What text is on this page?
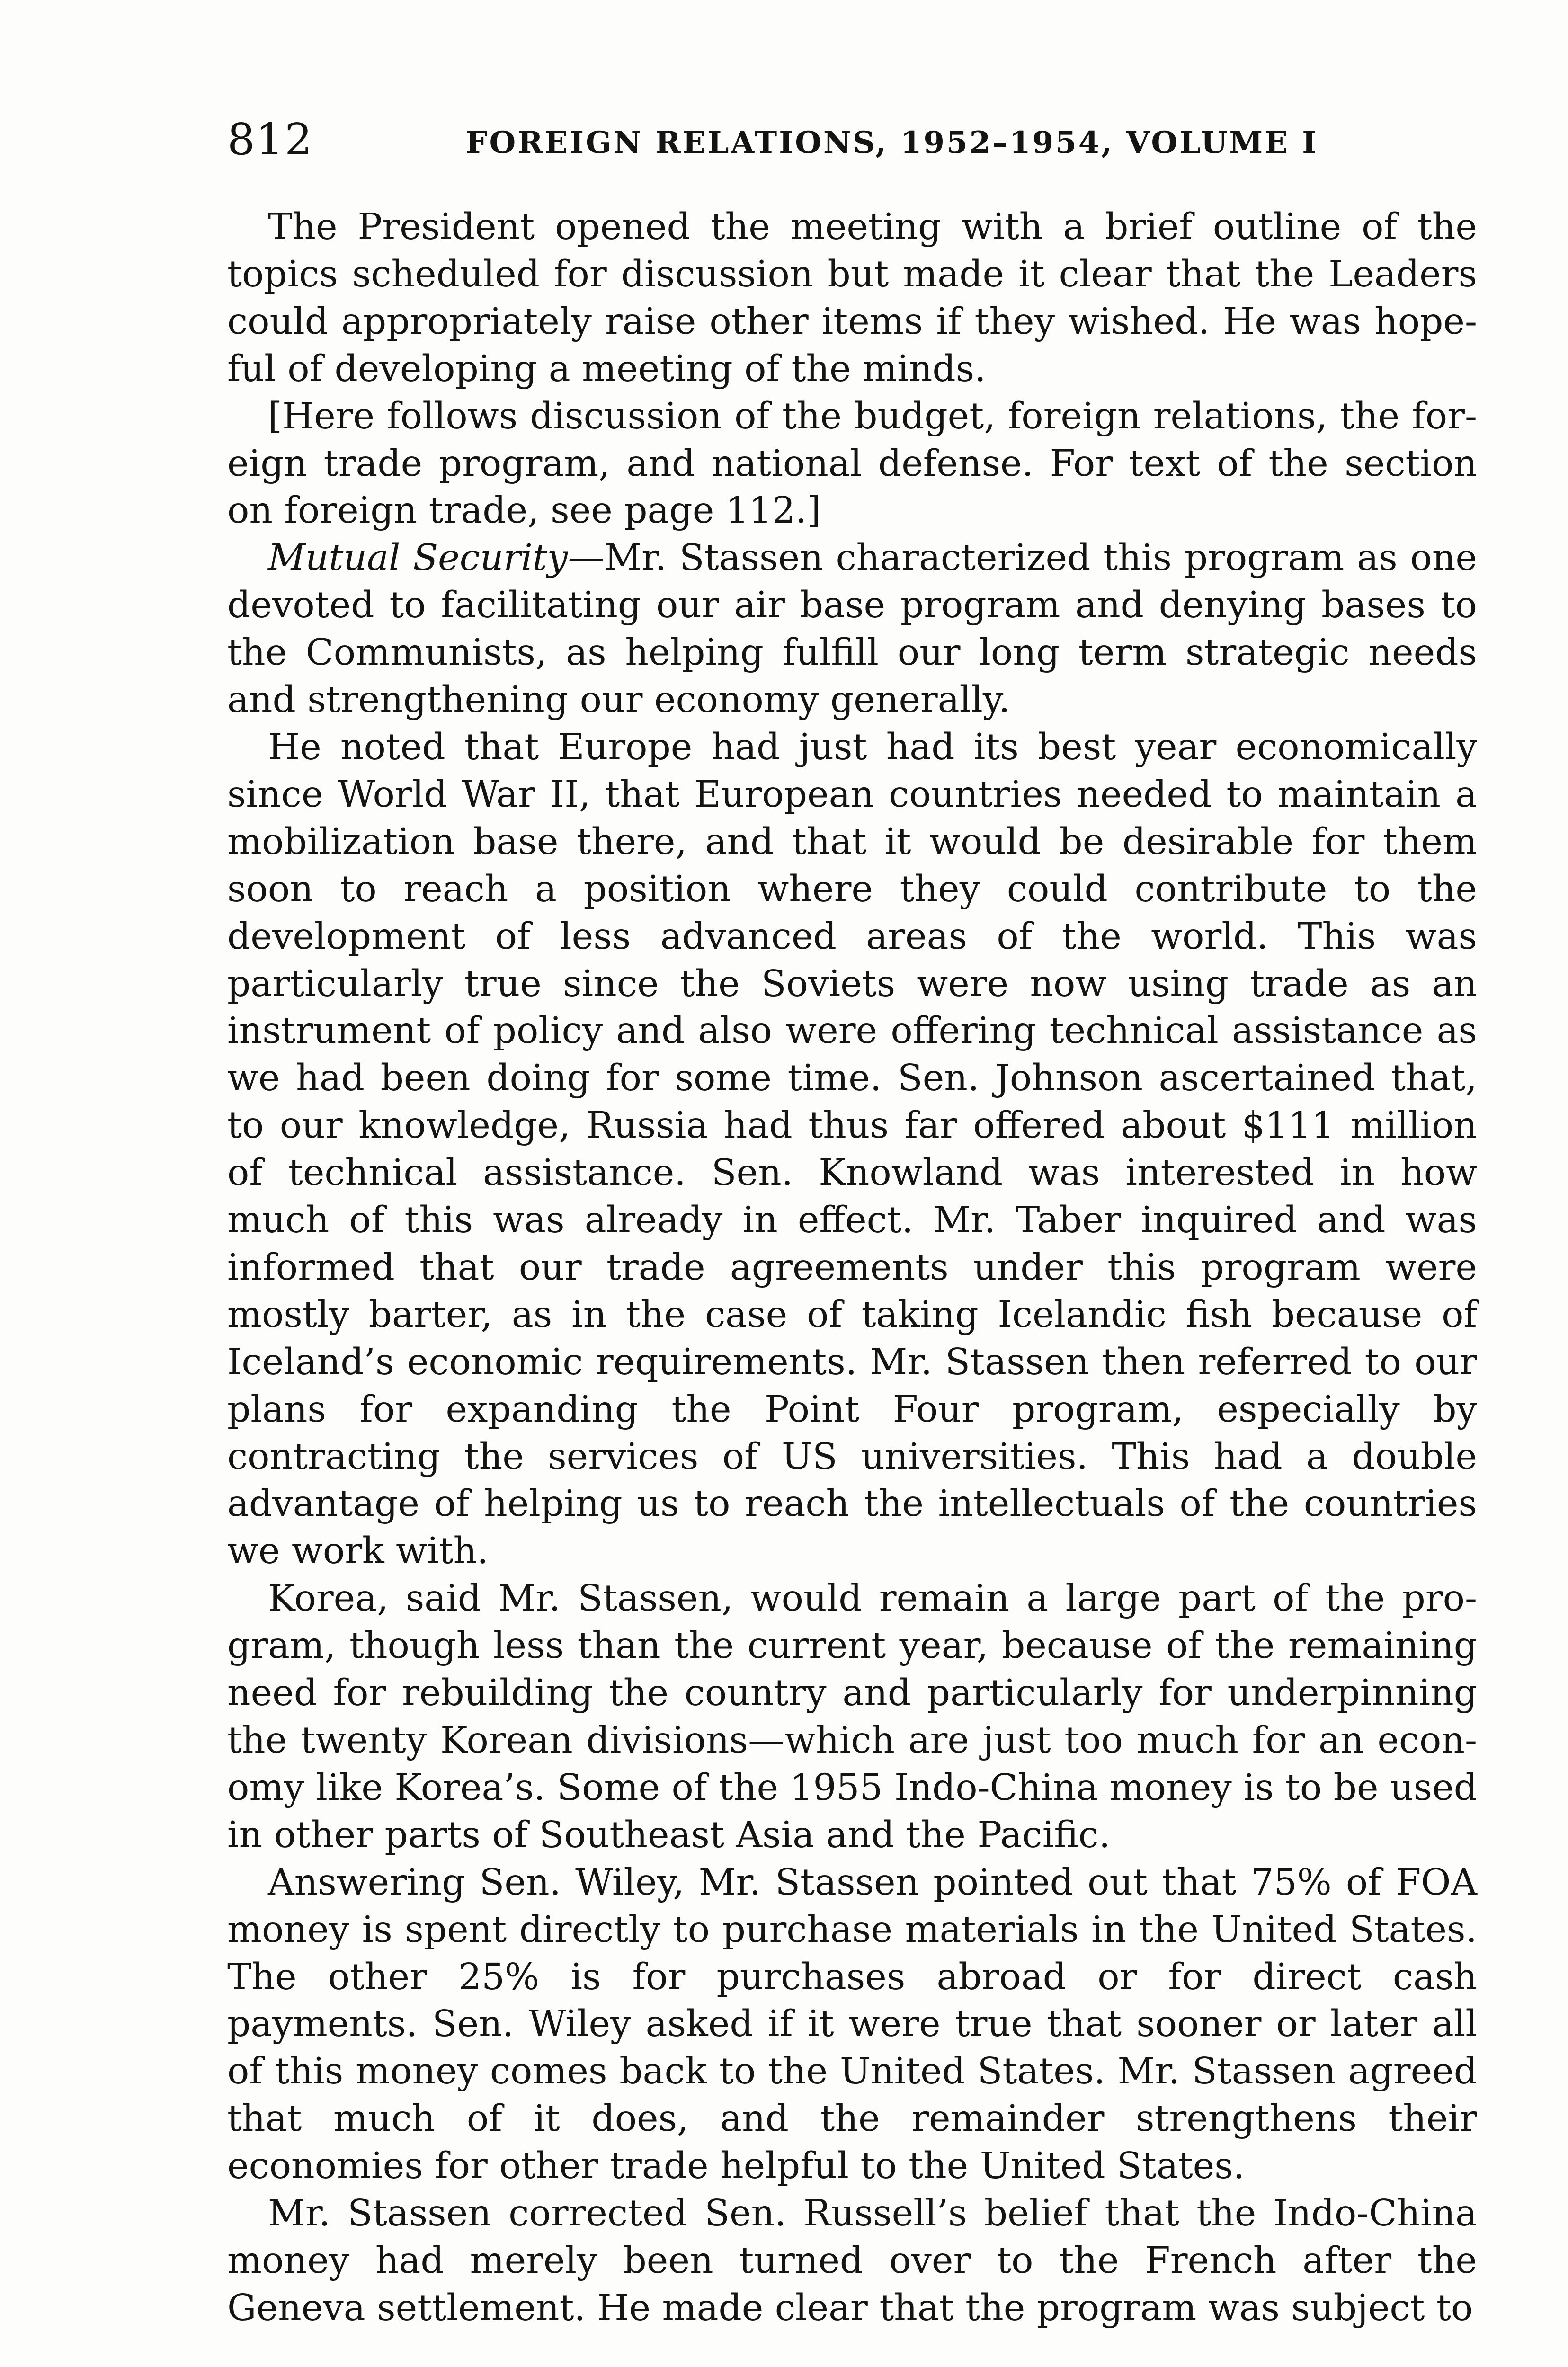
812	FOREIGN RELATIONS, 1952–1954, VOLUME I

The President opened the meeting with a brief outline of the topics scheduled for discussion but made it clear that the Leaders could appropriately raise other items if they wished. He was hopeful of developing a meeting of the minds.

[Here follows discussion of the budget, foreign relations, the foreign trade program, and national defense. For text of the section on foreign trade, see page 112.]

Mutual Security—Mr. Stassen characterized this program as one devoted to facilitating our air base program and denying bases to the Communists, as helping fulfill our long term strategic needs and strengthening our economy generally.

He noted that Europe had just had its best year economically since World War II, that European countries needed to maintain a mobilization base there, and that it would be desirable for them soon to reach a position where they could contribute to the development of less advanced areas of the world. This was particularly true since the Soviets were now using trade as an instrument of policy and also were offering technical assistance as we had been doing for some time. Sen. Johnson ascertained that, to our knowledge, Russia had thus far offered about $111 million of technical assistance. Sen. Knowland was interested in how much of this was already in effect. Mr. Taber inquired and was informed that our trade agreements under this program were mostly barter, as in the case of taking Icelandic fish because of Iceland’s economic requirements. Mr. Stassen then referred to our plans for expanding the Point Four program, especially by contracting the services of US universities. This had a double advantage of helping us to reach the intellectuals of the countries we work with.

Korea, said Mr. Stassen, would remain a large part of the program, though less than the current year, because of the remaining need for rebuilding the country and particularly for underpinning the twenty Korean divisions—which are just too much for an economy like Korea’s. Some of the 1955 Indo-China money is to be used in other parts of Southeast Asia and the Pacific.

Answering Sen. Wiley, Mr. Stassen pointed out that 75% of FOA money is spent directly to purchase materials in the United States. The other 25% is for purchases abroad or for direct cash payments. Sen. Wiley asked if it were true that sooner or later all of this money comes back to the United States. Mr. Stassen agreed that much of it does, and the remainder strengthens their economies for other trade helpful to the United States.

Mr. Stassen corrected Sen. Russell’s belief that the Indo-China money had merely been turned over to the French after the Geneva settlement. He made clear that the program was subject to
